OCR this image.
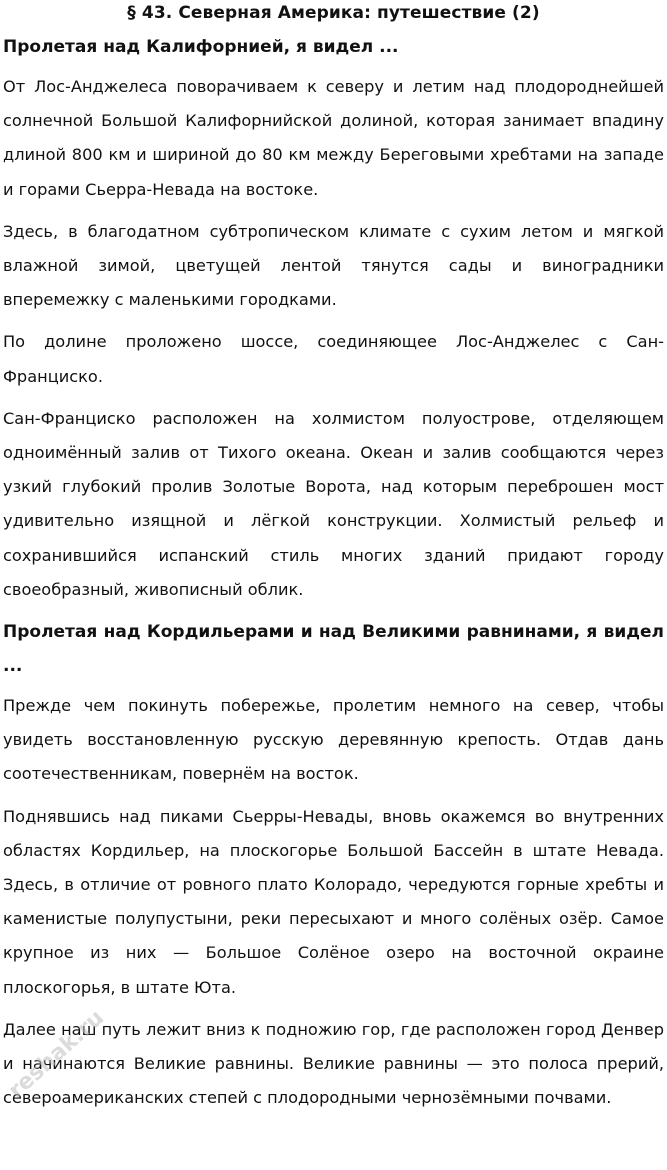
§ 43. Северная Америка: путешествие (2)
Пролетая над Калифорнией, я видел ...

От Лос-Анджелеса поворачиваем к северу и летим над плодороднейшей солнечной Большой Калифорнийской долиной, которая занимает впадину длиной 800 км и шириной до 80 км между Береговыми хребтами на западе и горами Сьерра-Невада на востоке.

Здесь, в благодатном субтропическом климате с сухим летом и мягкой влажной зимой, цветущей лентой тянутся сады и виноградники вперемежку с маленькими городками.

По долине проложено шоссе, соединяющее Лос-Анджелес с Сан-Франциско.

Сан-Франциско расположен на холмистом полуострове, отделяющем одноимённый залив от Тихого океана. Океан и залив сообщаются через узкий глубокий пролив Золотые Ворота, над которым переброшен мост удивительно изящной и лёгкой конструкции. Холмистый рельеф и сохранившийся испанский стиль многих зданий придают городу своеобразный, живописный облик.

Пролетая над Кордильерами и над Великими равнинами, я видел ...

Прежде чем покинуть побережье, пролетим немного на север, чтобы увидеть восстановленную русскую деревянную крепость. Отдав дань соотечественникам, повернём на восток.

Поднявшись над пиками Сьерры-Невады, вновь окажемся во внутренних областях Кордильер, на плоскогорье Большой Бассейн в штате Невада. Здесь, в отличие от ровного плато Колорадо, чередуются горные хребты и каменистые полупустыни, реки пересыхают и много солёных озёр. Самое крупное из них — Большое Солёное озеро на восточной окраине плоскогорья, в штате Юта.

Далее наш путь лежит вниз к подножию гор, где расположен город Денвер и начинаются Великие равнины. Великие равнины — это полоса прерий, североамериканских степей с плодородными чернозёмными почвами.

reshak.ru
